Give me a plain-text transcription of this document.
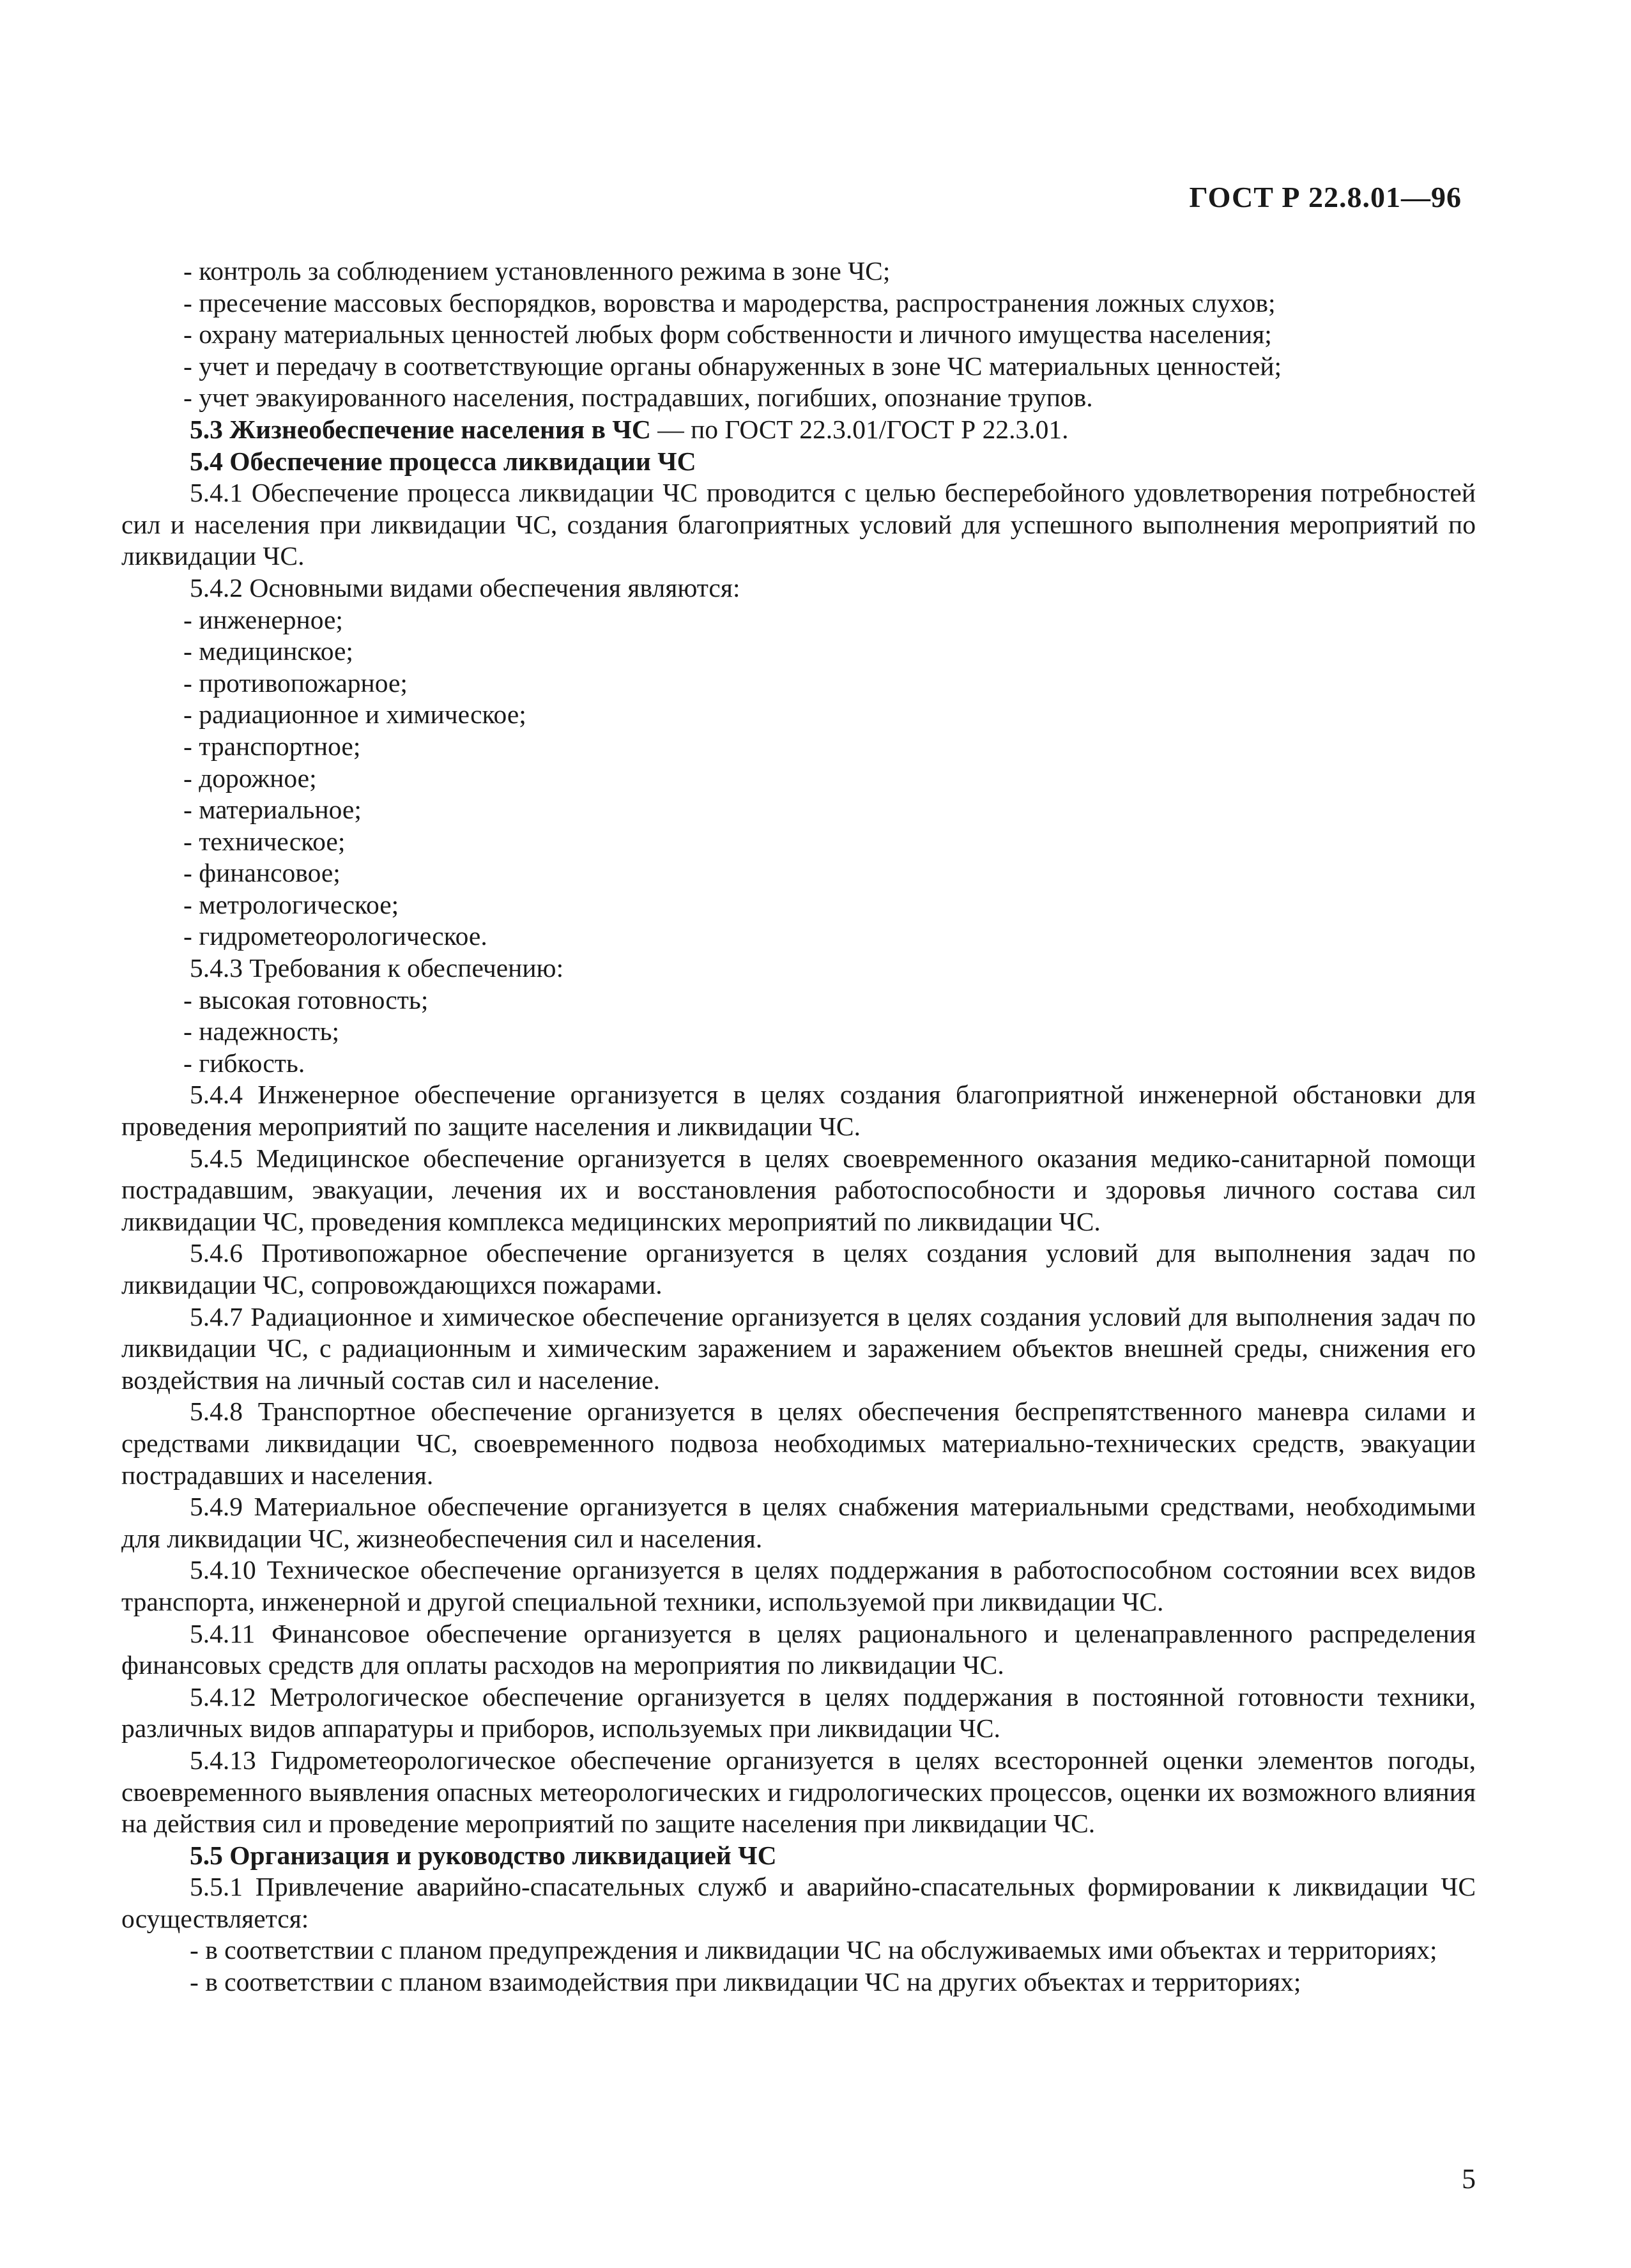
ГОСТ Р 22.8.01—96

- контроль за соблюдением установленного режима в зоне ЧС;

- пресечение массовых беспорядков, воровства и мародерства, распространения ложных слухов;

- охрану материальных ценностей любых форм собственности и личного имущества населения;

- учет и передачу в соответствующие органы обнаруженных в зоне ЧС материальных ценностей;

- учет эвакуированного населения, пострадавших, погибших, опознание трупов.

5.3 Жизнеобеспечение населения в ЧС — по ГОСТ 22.3.01/ГОСТ Р 22.3.01.

5.4 Обеспечение процесса ликвидации ЧС

5.4.1 Обеспечение процесса ликвидации ЧС проводится с целью бесперебойного удовлетворения потребностей сил и населения при ликвидации ЧС, создания благоприятных условий для успешного выполнения мероприятий по ликвидации ЧС.

5.4.2 Основными видами обеспечения являются:

- инженерное;

- медицинское;

- противопожарное;

- радиационное и химическое;

- транспортное;

- дорожное;

- материальное;

- техническое;

- финансовое;

- метрологическое;

- гидрометеорологическое.

5.4.3 Требования к обеспечению:

- высокая готовность;

- надежность;

- гибкость.

5.4.4 Инженерное обеспечение организуется в целях создания благоприятной инженерной обстановки для проведения мероприятий по защите населения и ликвидации ЧС.

5.4.5 Медицинское обеспечение организуется в целях своевременного оказания медико-санитарной помощи пострадавшим, эвакуации, лечения их и восстановления работоспособности и здоровья личного состава сил ликвидации ЧС, проведения комплекса медицинских мероприятий по ликвидации ЧС.

5.4.6 Противопожарное обеспечение организуется в целях создания условий для выполнения задач по ликвидации ЧС, сопровождающихся пожарами.

5.4.7 Радиационное и химическое обеспечение организуется в целях создания условий для выполнения задач по ликвидации ЧС, с радиационным и химическим заражением и заражением объектов внешней среды, снижения его воздействия на личный состав сил и население.

5.4.8 Транспортное обеспечение организуется в целях обеспечения беспрепятственного маневра силами и средствами ликвидации ЧС, своевременного подвоза необходимых материально-технических средств, эвакуации пострадавших и населения.

5.4.9 Материальное обеспечение организуется в целях снабжения материальными средствами, необходимыми для ликвидации ЧС, жизнеобеспечения сил и населения.

5.4.10 Техническое обеспечение организуется в целях поддержания в работоспособном состоянии всех видов транспорта, инженерной и другой специальной техники, используемой при ликвидации ЧС.

5.4.11 Финансовое обеспечение организуется в целях рационального и целенаправленного распределения финансовых средств для оплаты расходов на мероприятия по ликвидации ЧС.

5.4.12 Метрологическое обеспечение организуется в целях поддержания в постоянной готовности техники, различных видов аппаратуры и приборов, используемых при ликвидации ЧС.

5.4.13 Гидрометеорологическое обеспечение организуется в целях всесторонней оценки элементов погоды, своевременного выявления опасных метеорологических и гидрологических процессов, оценки их возможного влияния на действия сил и проведение мероприятий по защите населения при ликвидации ЧС.

5.5 Организация и руководство ликвидацией ЧС

5.5.1 Привлечение аварийно-спасательных служб и аварийно-спасательных формировании к ликвидации ЧС осуществляется:

- в соответствии с планом предупреждения и ликвидации ЧС на обслуживаемых ими объектах и территориях;

- в соответствии с планом взаимодействия при ликвидации ЧС на других объектах и территориях;

5
